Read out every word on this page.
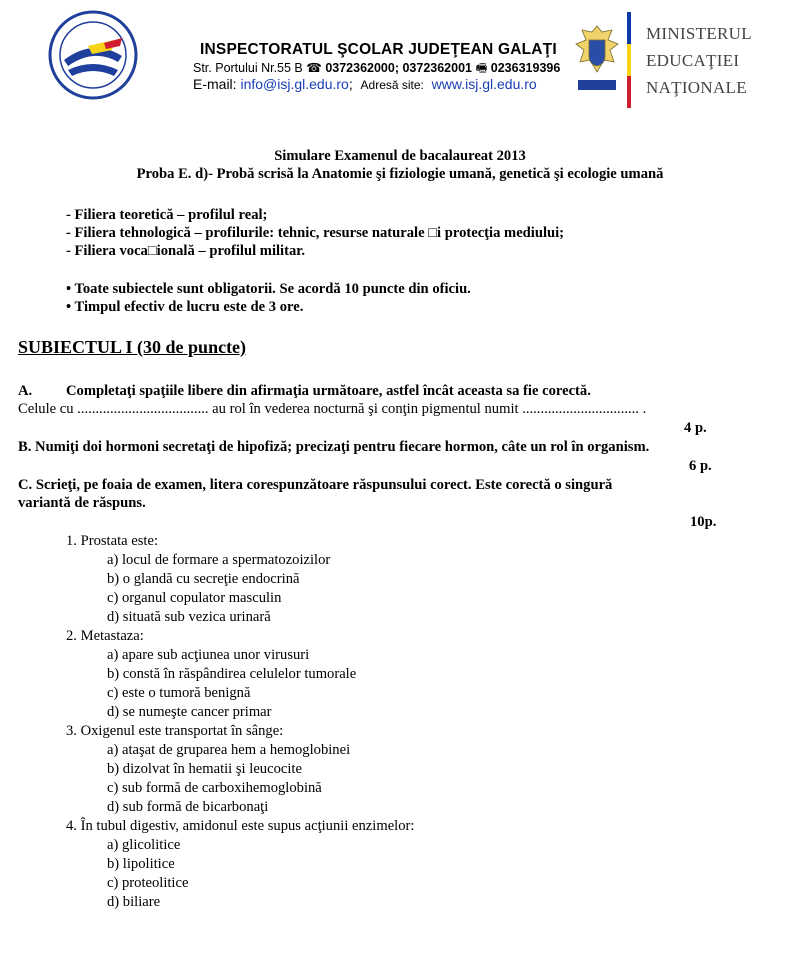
INSPECTORATUL ŞCOLAR JUDEŢEAN GALAŢI
Str. Portului Nr.55 B ☎ 0372362000; 0372362001 🖷 0236319396
E-mail: info@isj.gl.edu.ro;  Adresă site: www.isj.gl.edu.ro
MINISTERUL
EDUCAŢIEI
NAŢIONALE
Simulare Examenul de bacalaureat 2013
Proba E. d)- Probă scrisă la Anatomie şi fiziologie umană, genetică şi ecologie umană
- Filiera teoretică – profilul real;
- Filiera tehnologică – profilurile: tehnic, resurse naturale □i protecţia mediului;
- Filiera voca□ională – profilul militar.
• Toate subiectele sunt obligatorii. Se acordă 10 puncte din oficiu.
• Timpul efectiv de lucru este de 3 ore.
SUBIECTUL I (30 de puncte)
A. Completaţi spaţiile libere din afirmaţia următoare, astfel încât aceasta sa fie corectă.
Celule cu .................................... au rol în vederea nocturnă şi conţin pigmentul numit ................................ .
4 p.
B. Numiţi doi hormoni secretaţi de hipofiză; precizaţi pentru fiecare hormon, câte un rol în organism.
6 p.
C. Scrieţi, pe foaia de examen, litera corespunzătoare răspunsului corect. Este corectă o singură
variantă de răspuns.
10p.
1. Prostata este:
a) locul de formare a spermatozoizilor
b) o glandă cu secreţie endocrină
c) organul copulator masculin
d) situată sub vezica urinară
2. Metastaza:
a) apare sub acţiunea unor virusuri
b) constă în răspândirea celulelor tumorale
c) este o tumoră benignă
d) se numeşte cancer primar
3. Oxigenul este transportat în sânge:
a) ataşat de gruparea hem a hemoglobinei
b) dizolvat în hematii şi leucocite
c) sub formă de carboxihemoglobină
d) sub formă de bicarbonaţi
4. În tubul digestiv, amidonul este supus acţiunii enzimelor:
a) glicolitice
b) lipolitice
c) proteolitice
d) biliare
